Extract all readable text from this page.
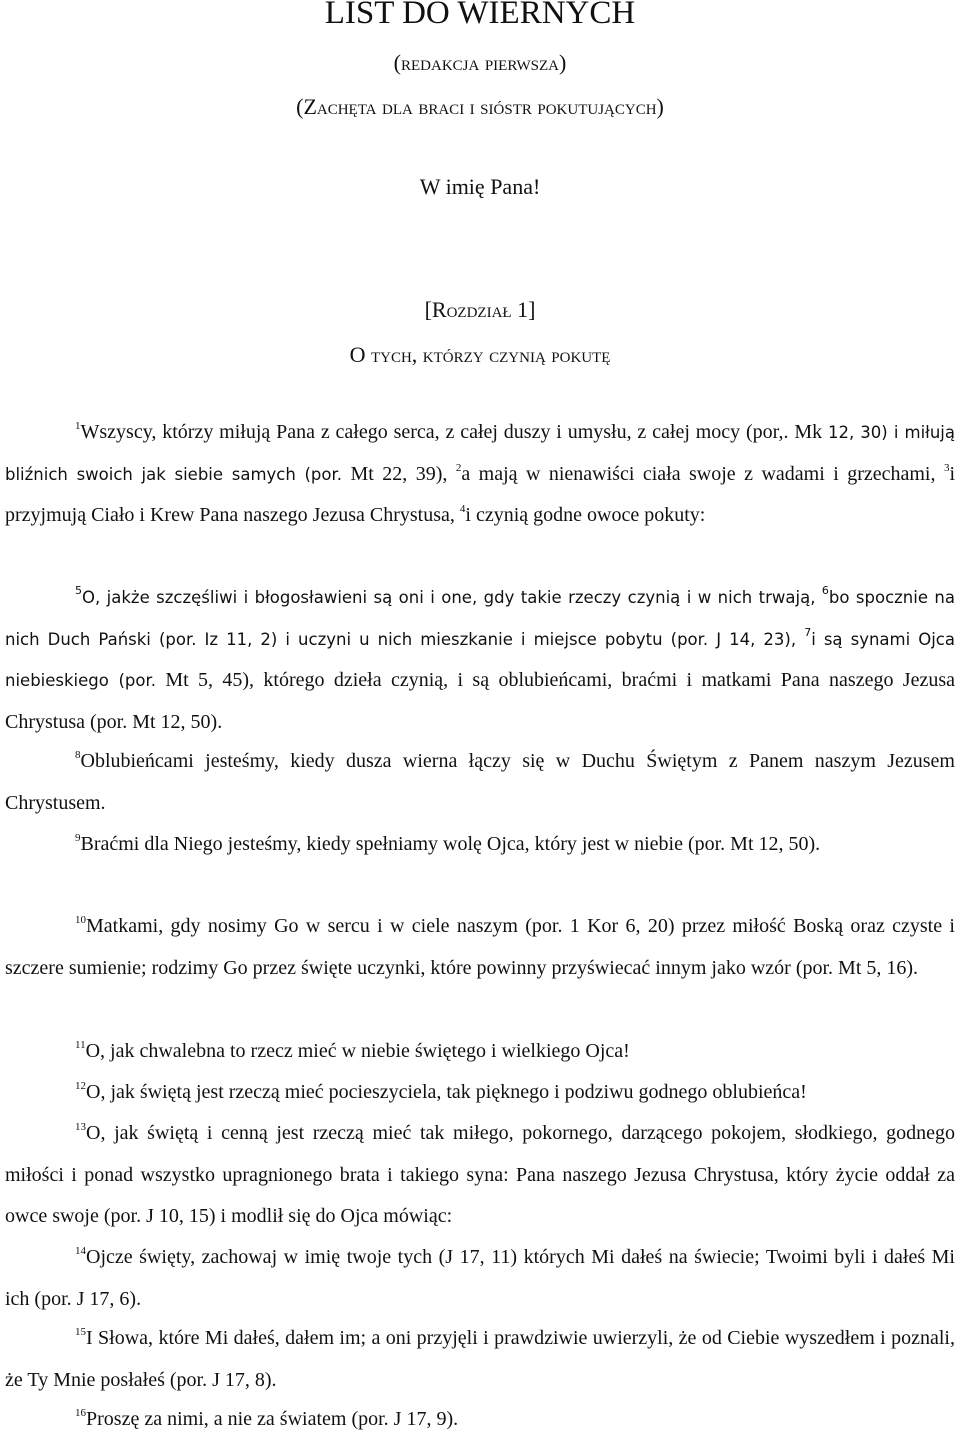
LIST DO WIERNYCH
(redakcja pierwsza)
(Zachęta dla braci i sióstr pokutujących)
W imię Pana!
[Rozdział 1]
O tych, którzy czynią pokutę

$^1$Wszyscy, którzy miłują Pana z całego serca, z całej duszy i umysłu, z całej mocy (por,. Mk 12, 30) i miłują bliźnich swoich jak siebie samych (por. Mt 22, 39), $^2$a mają w nienawiści ciała swoje z wadami i grzechami, $^3$i przyjmują Ciało i Krew Pana naszego Jezusa Chrystusa, $^4$i czynią godne owoce pokuty:

$^5$O, jakże szczęśliwi i błogosławieni są oni i one, gdy takie rzeczy czynią i w nich trwają, $^6$bo spocznie na nich Duch Pański (por. Iz 11, 2) i uczyni u nich mieszkanie i miejsce pobytu (por. J 14, 23), $^7$i są synami Ojca niebieskiego (por. Mt 5, 45), którego dzieła czynią, i są oblubieńcami, braćmi i matkami Pana naszego Jezusa Chrystusa (por. Mt 12, 50).

$^8$Oblubieńcami jesteśmy, kiedy dusza wierna łączy się w Duchu Świętym z Panem naszym Jezusem Chrystusem.

$^9$Braćmi dla Niego jesteśmy, kiedy spełniamy wolę Ojca, który jest w niebie (por. Mt 12, 50).

$^{10}$Matkami, gdy nosimy Go w sercu i w ciele naszym (por. 1 Kor 6, 20) przez miłość Boską oraz czyste i szczere sumienie; rodzimy Go przez święte uczynki, które powinny przyświecać innym jako wzór (por. Mt 5, 16).

$^{11}$O, jak chwalebna to rzecz mieć w niebie świętego i wielkiego Ojca!

$^{12}$O, jak świętą jest rzeczą mieć pocieszyciela, tak pięknego i podziwu godnego oblubieńca!

$^{13}$O, jak świętą i cenną jest rzeczą mieć tak miłego, pokornego, darzącego pokojem, słodkiego, godnego miłości i ponad wszystko upragnionego brata i takiego syna: Pana naszego Jezusa Chrystusa, który życie oddał za owce swoje (por. J 10, 15) i modlił się do Ojca mówiąc:

$^{14}$Ojcze święty, zachowaj w imię twoje tych (J 17, 11) których Mi dałeś na świecie; Twoimi byli i dałeś Mi ich (por. J 17, 6).

$^{15}$I Słowa, które Mi dałeś, dałem im; a oni przyjęli i prawdziwie uwierzyli, że od Ciebie wyszedłem i poznali, że Ty Mnie posłałeś (por. J 17, 8).

$^{16}$Proszę za nimi, a nie za światem (por. J 17, 9).
